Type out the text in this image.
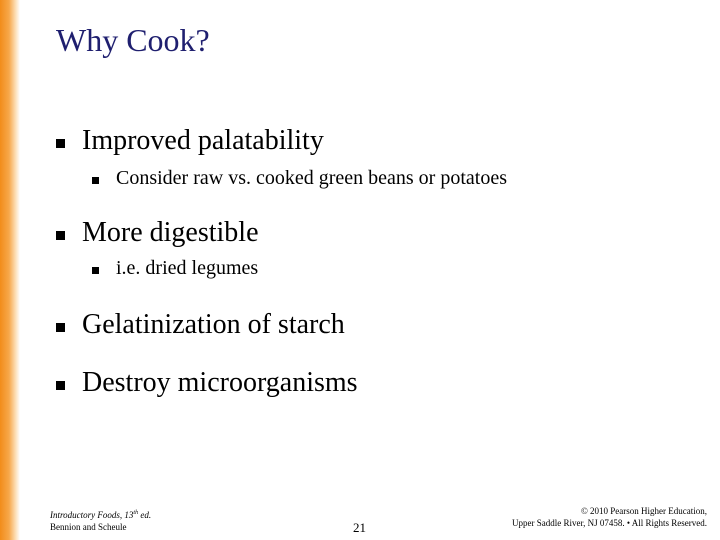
Why Cook?
Improved palatability
Consider raw vs. cooked green beans or potatoes
More digestible
i.e. dried legumes
Gelatinization of starch
Destroy microorganisms
Introductory Foods, 13th ed.
Bennion and Scheule	21
© 2010 Pearson Higher Education,
Upper Saddle River, NJ 07458. • All Rights Reserved.
